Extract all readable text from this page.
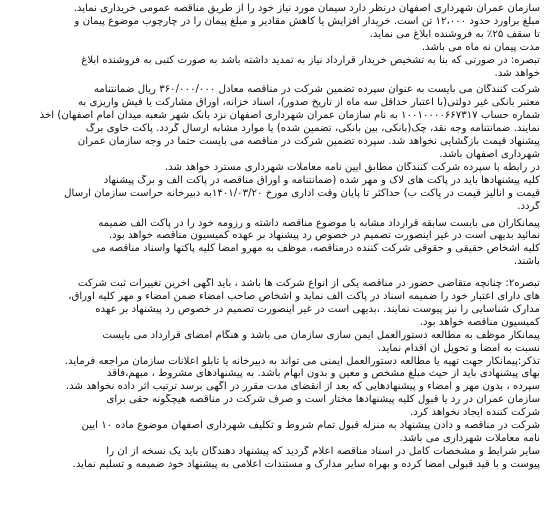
سازمان عمران شهرداری اصفهان درنظر دارد سیمان مورد نیاز خود را از طریق مناقصه عمومی خریداری نماید.
مبلغ براورد حدود ۱۲،۰۰۰ تن است. خریدار افزایش یا کاهش مقادیر و مبلغ پیمان را در چارچوب موضوع پیمان و
تا سقف ۲۵٪ به فروشنده ابلاغ می نماید.
مدت پیمان نه ماه می باشد.
تبصره: در صورتی که بنا به تشخیص خریدار قرارداد نیاز به تمدید داشته باشد به صورت کتبی به فروشنده ابلاغ
خواهد شد.
شرکت کنندگان می بایست به عنوان سپرده تضمین شرکت در مناقصه معادل ۳۶۰/۰۰۰/۰۰۰ ریال ضمانتنامه
معتبر بانکی غیر دولتی(با اعتبار حداقل سه ماه از تاریخ صدور)، اسناد خزانه، اوراق مشارکت یا فیش واریزی به
شماره حساب ۱۰۰۱۰۰۰۰۶۶۷۳۱۷ به نام سازمان عمران شهرداری اصفهان نزد بانک شهر شعبه میدان امام اصفهان) اخذ
نمایند. ضمانتنامه وجه نقد، چک(بانکی، بین بانکی، تضمین شده) یا موارد مشابه ارسال گردد. پاکت حاوی برگ
پیشنهاد قیمت بازگشایی نخواهد شد. سپرده تضمین شرکت در مناقصه می بایست حتما در وجه سازمان عمران
شهرداری اصفهان باشد.
در رابطه با سپرده شرکت کنندگان مطابق آیین نامه معاملات شهرداری مسترد خواهد شد.
کلیه پیشنهادها باید در پاکت های لاک و مهر شده (ضمانتنامه و اوراق مناقصه در پاکت الف و برگ پیشنهاد
قیمت و آنالیز قیمت در پاکت ب) حداکثر تا پایان وقت اداری مورخ ۱۴۰۱/۰۳/۲۰به دبیرخانه حراست سازمان ارسال
گردد.
پیمانکاران می بایست سابقه قرارداد مشابه با موضوع مناقصه داشته و رزومه خود را در پاکت الف ضمیمه
نمائید بدیهی است در غیر اینصورت تصمیم در خصوص رد پیشنهاد بر عهده کمیسیون مناقصه خواهد بود.
کلیه اشخاص حقیقی و حقوقی شرکت کننده درمناقصه، موظف به مهرو امضا کلیه پاکتها واسناد مناقصه می
باشند.
تبصره۲: چنانچه متقاضی حضور در مناقصه یکی از انواع شرکت ها باشد ، باید آگهی آخرین تغییرات ثبت شرکت
های دارای اعتبار خود را ضمیمه اسناد در پاکت الف نماید و اشخاص صاحب امضاء ضمن امضاء و مهر کلیه اوراق،
مدارک شناسایی را نیز پیوست نمایند. ،بدیهی است در غیر اینصورت تصمیم در خصوص رد پیشنهاد بر عهده
کمیسیون مناقصه خواهد بود.
پیمانکار موظف به مطالعه دستورالعمل ایمن سازی سازمان می باشد و هنگام امضای قرارداد می بایست
نسبت به امضا و تحویل آن اقدام نماید.
تذکر:پیمانکار جهت تهیه یا مطالعه دستورالعمل ایمنی می تواند به دبیرخانه یا تابلو اعلانات سازمان مراجعه فرماید.
بهای پیشنهادی باید از حیث مبلغ مشخص و معین و بدون ابهام باشد. به پیشنهادهای مشروط ، مبهم،فاقد
سپرده ، بدون مهر و امضاء و پیشنهادهایی که بعد از انقضای مدت مقرر در آگهی برسد ترتیب اثر داده نخواهد شد.
سازمان عمران در رد یا قبول کلیه پیشنهادها مختار است و صرف شرکت در مناقصه هیچگونه حقی برای
شرکت کننده ایجاد نخواهد کرد.
شرکت در مناقصه و دادن پیشنهاد به منزله قبول تمام شروط و تکلیف شهرداری اصفهان موضوع ماده ۱۰ آیین
نامه معاملات شهرداری می باشد.
سایر شرایط و مشخصات کامل در اسناد مناقصه اعلام گردید که پیشنهاد دهندگان باید یک نسخه از آن را
پیوست و با قید قبولی امضا کرده و بهراه سایر مدارک و مستندات اعلامی به پیشنهاد خود ضمیمه و تسلیم نماید.
